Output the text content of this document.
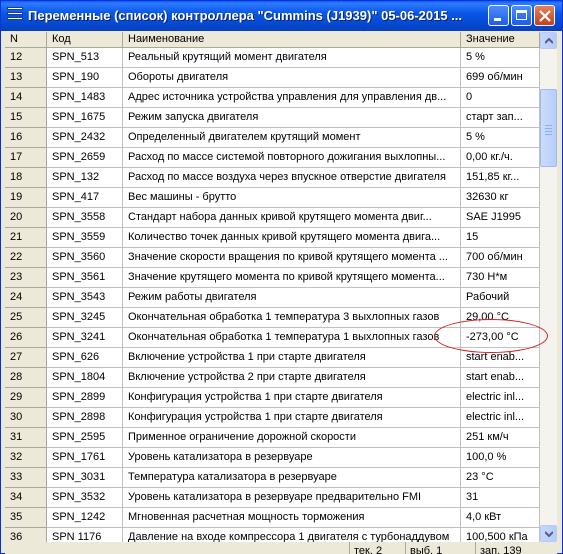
Переменные (список) контроллера "Cummins (J1939)" 05-06-2015 ...
N	Код	Наименование	Значение
12	SPN_513	Реальный крутящий момент двигателя	5 %
13	SPN_190	Обороты двигателя	699 об/мин
14	SPN_1483	Адрес источника устройства управления для управления дв...	0
15	SPN_1675	Режим запуска двигателя	старт зап...
16	SPN_2432	Определенный двигателем крутящий момент	5 %
17	SPN_2659	Расход по массе системой повторного дожигания выхлопны...	0,00 кг./ч.
18	SPN_132	Расход по массе воздуха через впускное отверстие двигателя	151,85 кг...
19	SPN_417	Вес машины - брутто	32630 кг
20	SPN_3558	Стандарт набора данных кривой крутящего момента двиг...	SAE J1995
21	SPN_3559	Количество точек данных кривой крутящего момента двига...	15
22	SPN_3560	Значение скорости вращения по кривой крутящего момента ...	700 об/мин
23	SPN_3561	Значение крутящего момента по кривой крутящего момента...	730 Н*м
24	SPN_3543	Режим работы двигателя	Рабочий
25	SPN_3245	Окончательная обработка 1 температура 3 выхлопных газов	29,00 °C
26	SPN_3241	Окончательная обработка 1 температура 1 выхлопных газов	-273,00 °C
27	SPN_626	Включение устройства 1 при старте двигателя	start enab...
28	SPN_1804	Включение устройства 2 при старте двигателя	start enab...
29	SPN_2899	Конфигурация устройства 1 при старте двигателя	electric inl...
30	SPN_2898	Конфигурация устройства 1 при старте двигателя	electric inl...
31	SPN_2595	Применное ограничение дорожной скорости	251 км/ч
32	SPN_1761	Уровень катализатора в резервуаре	100,0 %
33	SPN_3031	Температура катализатора в резервуаре	23 °C
34	SPN_3532	Уровень катализатора в резервуаре предварительно FMI	31
35	SPN_1242	Мгновенная расчетная мощность торможения	4,0 кВт
36	SPN 1176	Давление на входе компрессора 1 двигателя с турбонаддувом	100,500 кПа
тек. 2	выб. 1	зап. 139
